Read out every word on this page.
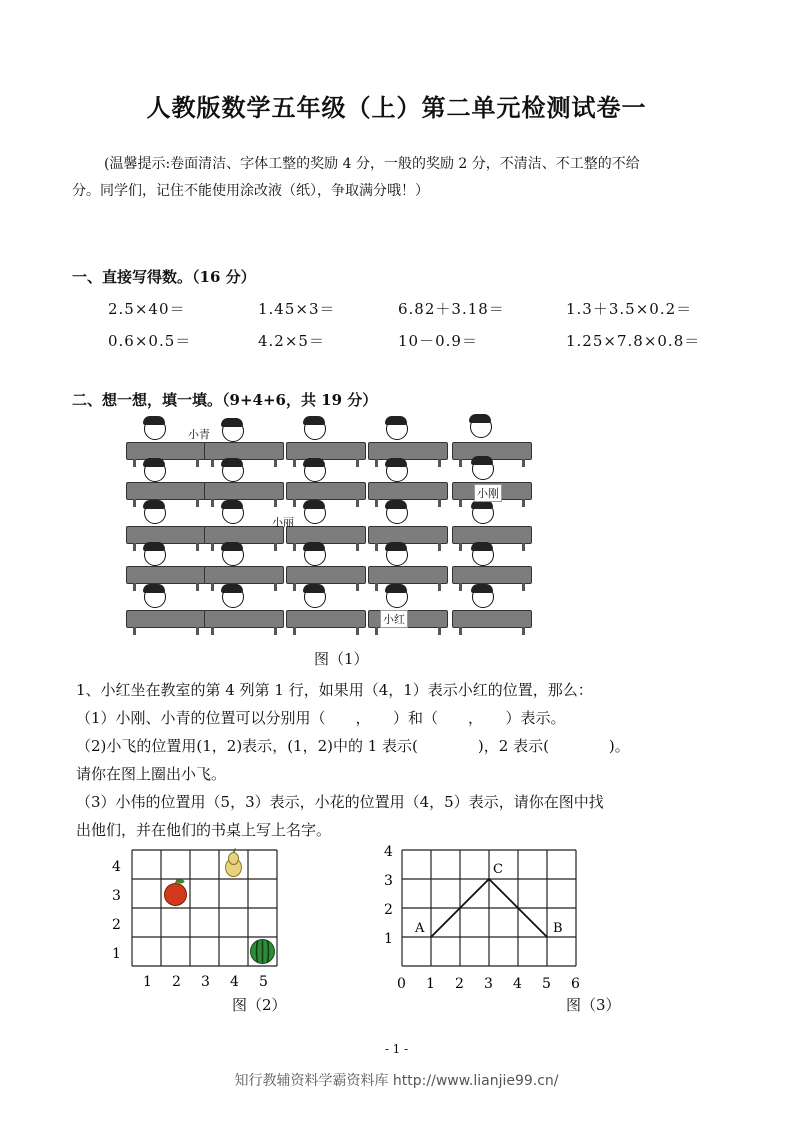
人教版数学五年级（上）第二单元检测试卷一
(温馨提示:卷面清洁、字体工整的奖励 4 分，一般的奖励 2 分，不清洁、不工整的不给
分。同学们，记住不能使用涂改液（纸），争取满分哦！）
一、直接写得数。（16 分）
2.5×40＝	1.45×3＝	6.82＋3.18＝	1.3＋3.5×0.2＝
0.6×0.5＝	4.2×5＝	10－0.9＝	1.25×7.8×0.8＝
二、想一想，填一填。（9+4+6，共 19 分）
小青
小丽
小刚
小红
图（1）
1、小红坐在教室的第 4 列第 1 行，如果用（4，1）表示小红的位置，那么：
（1）小刚、小青的位置可以分别用（　　，　　）和（　　，　　）表示。
（2)小飞的位置用(1，2)表示，(1，2)中的 1 表示(　　　　)，2 表示(　　　　)。
请你在图上圈出小飞。
（3）小伟的位置用（5，3）表示，小花的位置用（4，5）表示，请你在图中找
出他们，并在他们的书桌上写上名字。
4
3
2
1
1 2 3 4 5
图（2）
A
C
B
4
3
2
1
0 1 2 3 4 5 6
图（3）
- 1 -
知行教辅资料学霸资料库 http://www.lianjie99.cn/
